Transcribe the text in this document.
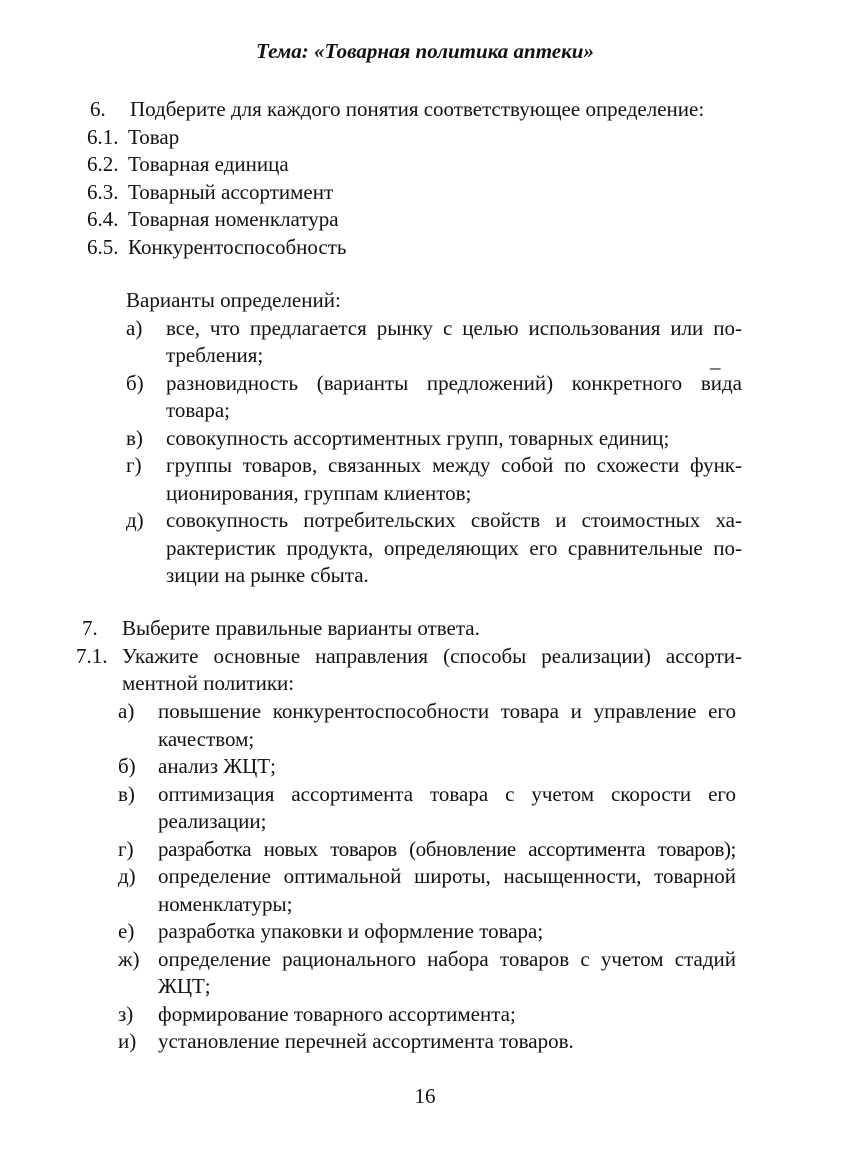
Тема: «Товарная политика аптеки»
6.	Подберите для каждого понятия соответствующее определение:
6.1. Товар
6.2. Товарная единица
6.3. Товарный ассортимент
6.4. Товарная номенклатура
6.5. Конкурентоспособность
Варианты определений:
а) все, что предлагается рынку с целью использования или по-
требления;
б) разновидность (варианты предложений) конкретного вида
товара;
в) совокупность ассортиментных групп, товарных единиц;
г) группы товаров, связанных между собой по схожести функ-
ционирования, группам клиентов;
д) совокупность потребительских свойств и стоимостных ха-
рактеристик продукта, определяющих его сравнительные по-
зиции на рынке сбыта.
_
7.	Выберите правильные варианты ответа.
7.1. Укажите основные направления (способы реализации) ассорти-
ментной политики:
а) повышение конкурентоспособности товара и управление его
качеством;
б) анализ ЖЦТ;
в) оптимизация ассортимента товара с учетом скорости его
реализации;
г) разработка новых товаров (обновление ассортимента товаров);
д) определение оптимальной широты, насыщенности, товарной
номенклатуры;
е) разработка упаковки и оформление товара;
ж) определение рационального набора товаров с учетом стадий
ЖЦТ;
з) формирование товарного ассортимента;
и) установление перечней ассортимента товаров.
16
